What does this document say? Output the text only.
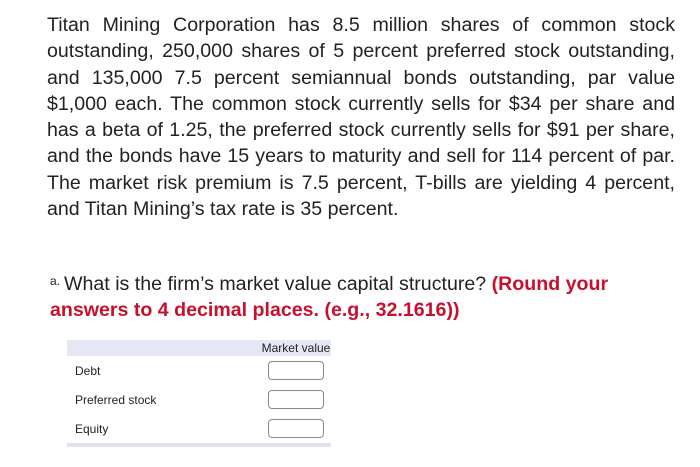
Titan Mining Corporation has 8.5 million shares of common stock outstanding, 250,000 shares of 5 percent preferred stock outstanding, and 135,000 7.5 percent semiannual bonds outstanding, par value $1,000 each. The common stock currently sells for $34 per share and has a beta of 1.25, the preferred stock currently sells for $91 per share, and the bonds have 15 years to maturity and sell for 114 percent of par. The market risk premium is 7.5 percent, T-bills are yielding 4 percent, and Titan Mining’s tax rate is 35 percent.

$^{a.}$ What is the firm’s market value capital structure? (Round your answers to 4 decimal places. (e.g., 32.1616))

	Market value
Debt	
Preferred stock	
Equity	
